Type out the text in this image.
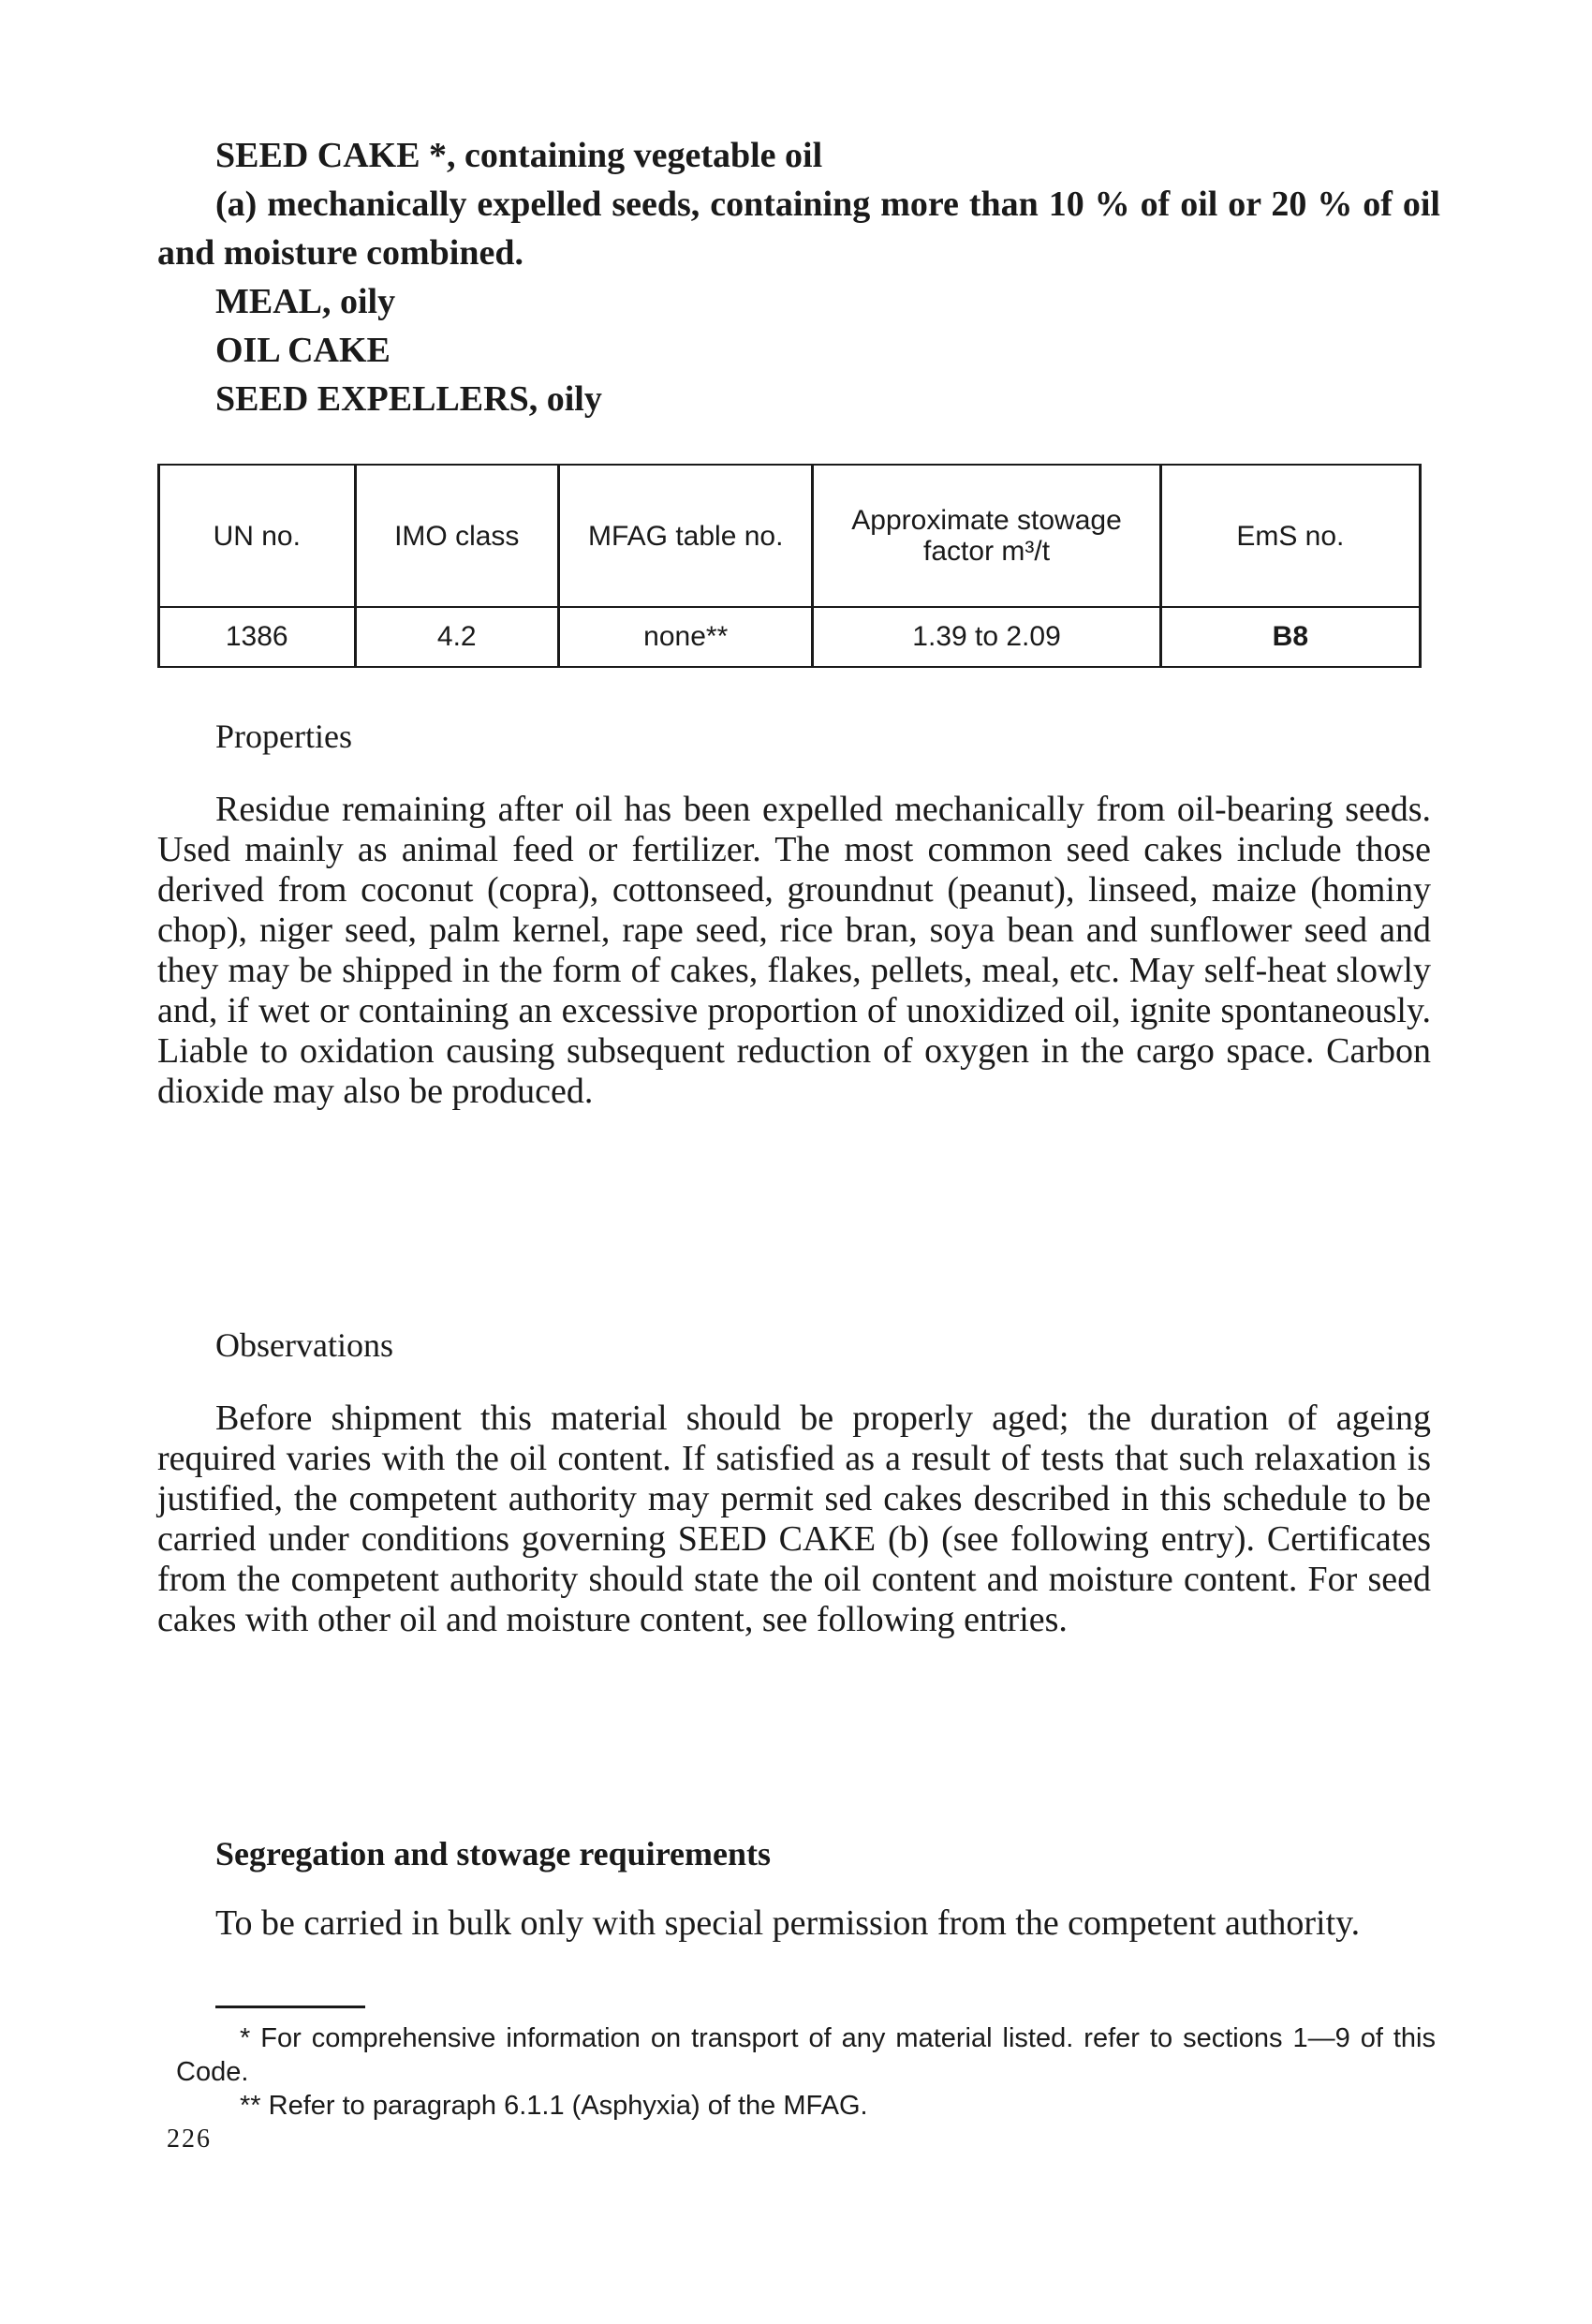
SEED CAKE *, containing vegetable oil
(a) mechanically expelled seeds, containing more than 10 % of oil or 20 % of oil and moisture combined.
MEAL, oily
OIL CAKE
SEED EXPELLERS, oily
UN no.	IMO class	MFAG table no.	Approximate stowage factor m³/t	EmS no.
1386	4.2	none**	1.39 to 2.09	B8
Properties

Residue remaining after oil has been expelled mechanically from oil-bearing seeds. Used mainly as animal feed or fertilizer. The most common seed cakes include those derived from coconut (copra), cottonseed, groundnut (peanut), linseed, maize (hominy chop), niger seed, palm kernel, rape seed, rice bran, soya bean and sunflower seed and they may be shipped in the form of cakes, flakes, pellets, meal, etc. May self-heat slowly and, if wet or containing an excessive proportion of unoxidized oil, ignite spontaneously. Liable to oxidation causing subsequent reduction of oxygen in the cargo space. Carbon dioxide may also be produced.

Observations

Before shipment this material should be properly aged; the duration of ageing required varies with the oil content. If satisfied as a result of tests that such relaxation is justified, the competent authority may permit sed cakes described in this schedule to be carried under conditions governing SEED CAKE (b) (see following entry). Certificates from the competent authority should state the oil content and moisture content. For seed cakes with other oil and moisture content, see following entries.

Segregation and stowage requirements

To be carried in bulk only with special permission from the competent authority.

* For comprehensive information on transport of any material listed. refer to sections 1—9 of this Code.

** Refer to paragraph 6.1.1 (Asphyxia) of the MFAG.

226
